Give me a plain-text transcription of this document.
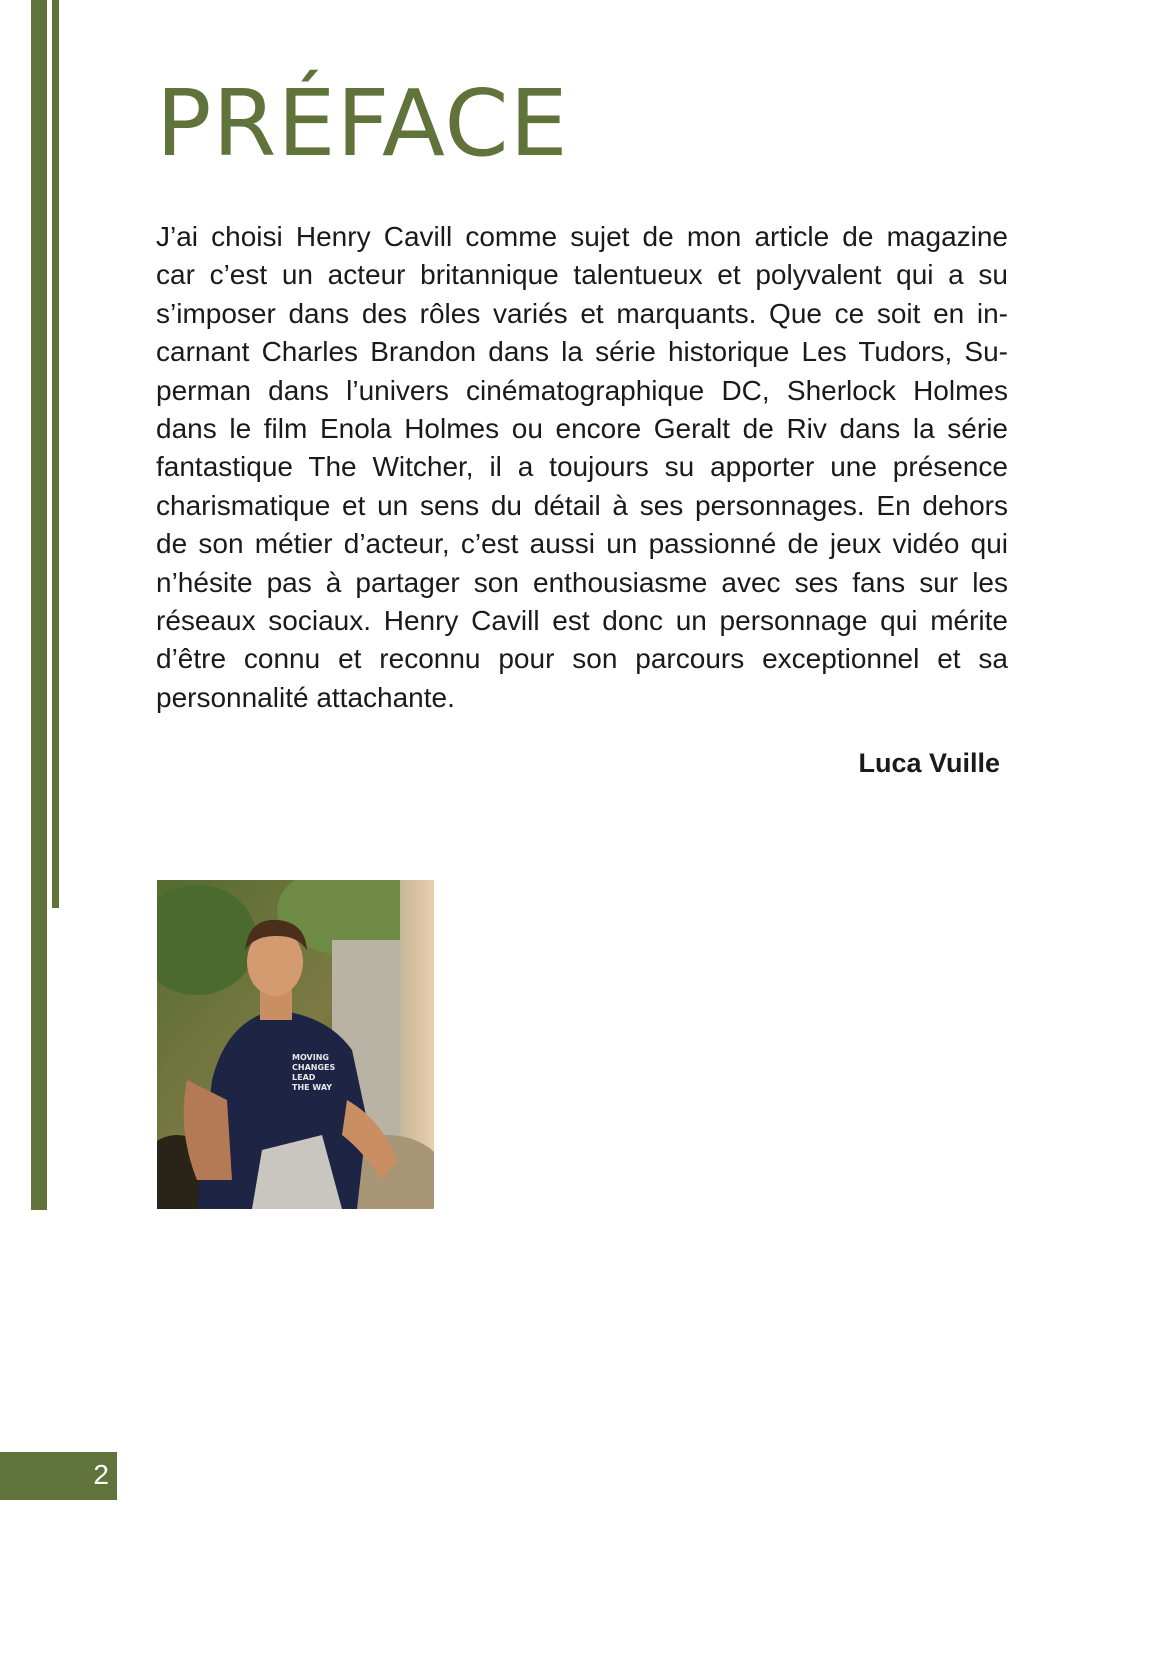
PRÉFACE
J’ai choisi Henry Cavill comme sujet de mon article de magazine
car c’est un acteur britannique talentueux et polyvalent qui a su
s’imposer dans des rôles variés et marquants. Que ce soit en in-
carnant Charles Brandon dans la série historique Les Tudors, Su-
perman dans l’univers cinématographique DC, Sherlock Holmes
dans le film Enola Holmes ou encore Geralt de Riv dans la série
fantastique The Witcher, il a toujours su apporter une présence
charismatique et un sens du détail à ses personnages. En dehors
de son métier d’acteur, c’est aussi un passionné de jeux vidéo qui
n’hésite pas à partager son enthousiasme avec ses fans sur les
réseaux sociaux. Henry Cavill est donc un personnage qui mérite
d’être connu et reconnu pour son parcours exceptionnel et sa
personnalité attachante.
Luca Vuille
MOVING
CHANGES
LEAD
THE WAY
2
